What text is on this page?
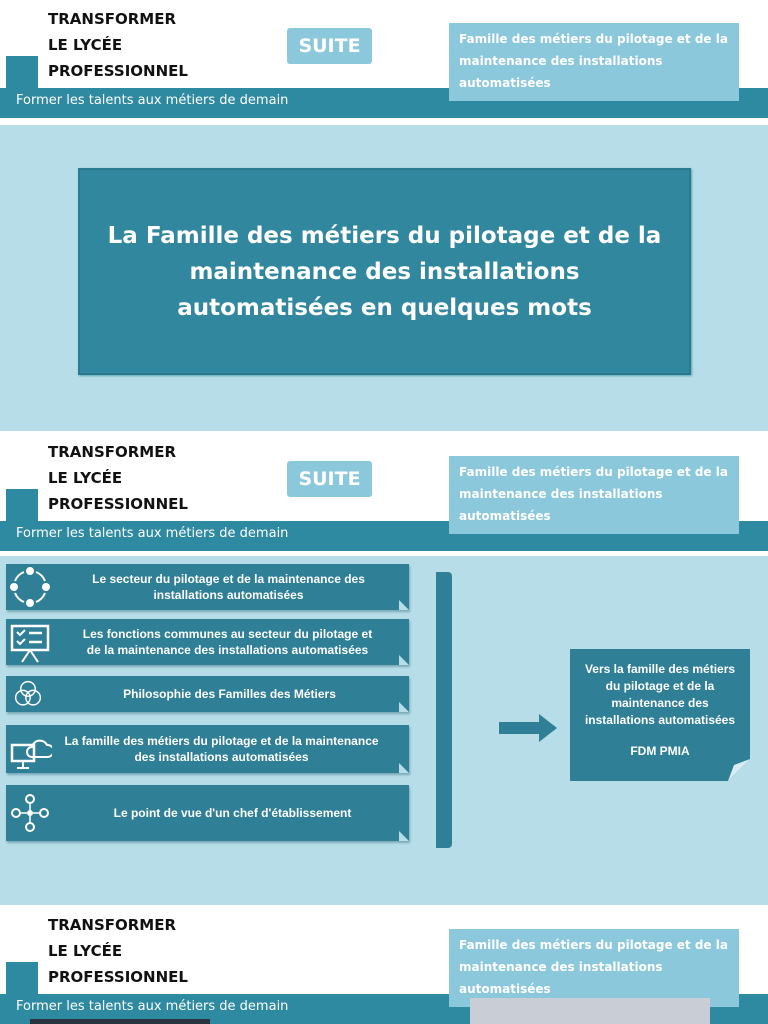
TRANSFORMER
LE LYCÉE
PROFESSIONNEL
SUITE
Former les talents aux métiers de demain
Famille des métiers du pilotage et de la maintenance des installations automatisées
La Famille des métiers du pilotage et de la maintenance des installations automatisées en quelques mots
TRANSFORMER
LE LYCÉE
PROFESSIONNEL
SUITE
Former les talents aux métiers de demain
Famille des métiers du pilotage et de la maintenance des installations automatisées
Le secteur du pilotage et de la maintenance des installations automatisées
Les fonctions communes au secteur du pilotage et de la maintenance des installations automatisées
Philosophie des Familles des Métiers
La famille des métiers du pilotage et de la maintenance des installations automatisées
Le point de vue d'un chef d'établissement
Vers la famille des métiers du pilotage et de la maintenance des installations automatisées
FDM PMIA
TRANSFORMER
LE LYCÉE
PROFESSIONNEL
Former les talents aux métiers de demain
Famille des métiers du pilotage et de la maintenance des installations automatisées
